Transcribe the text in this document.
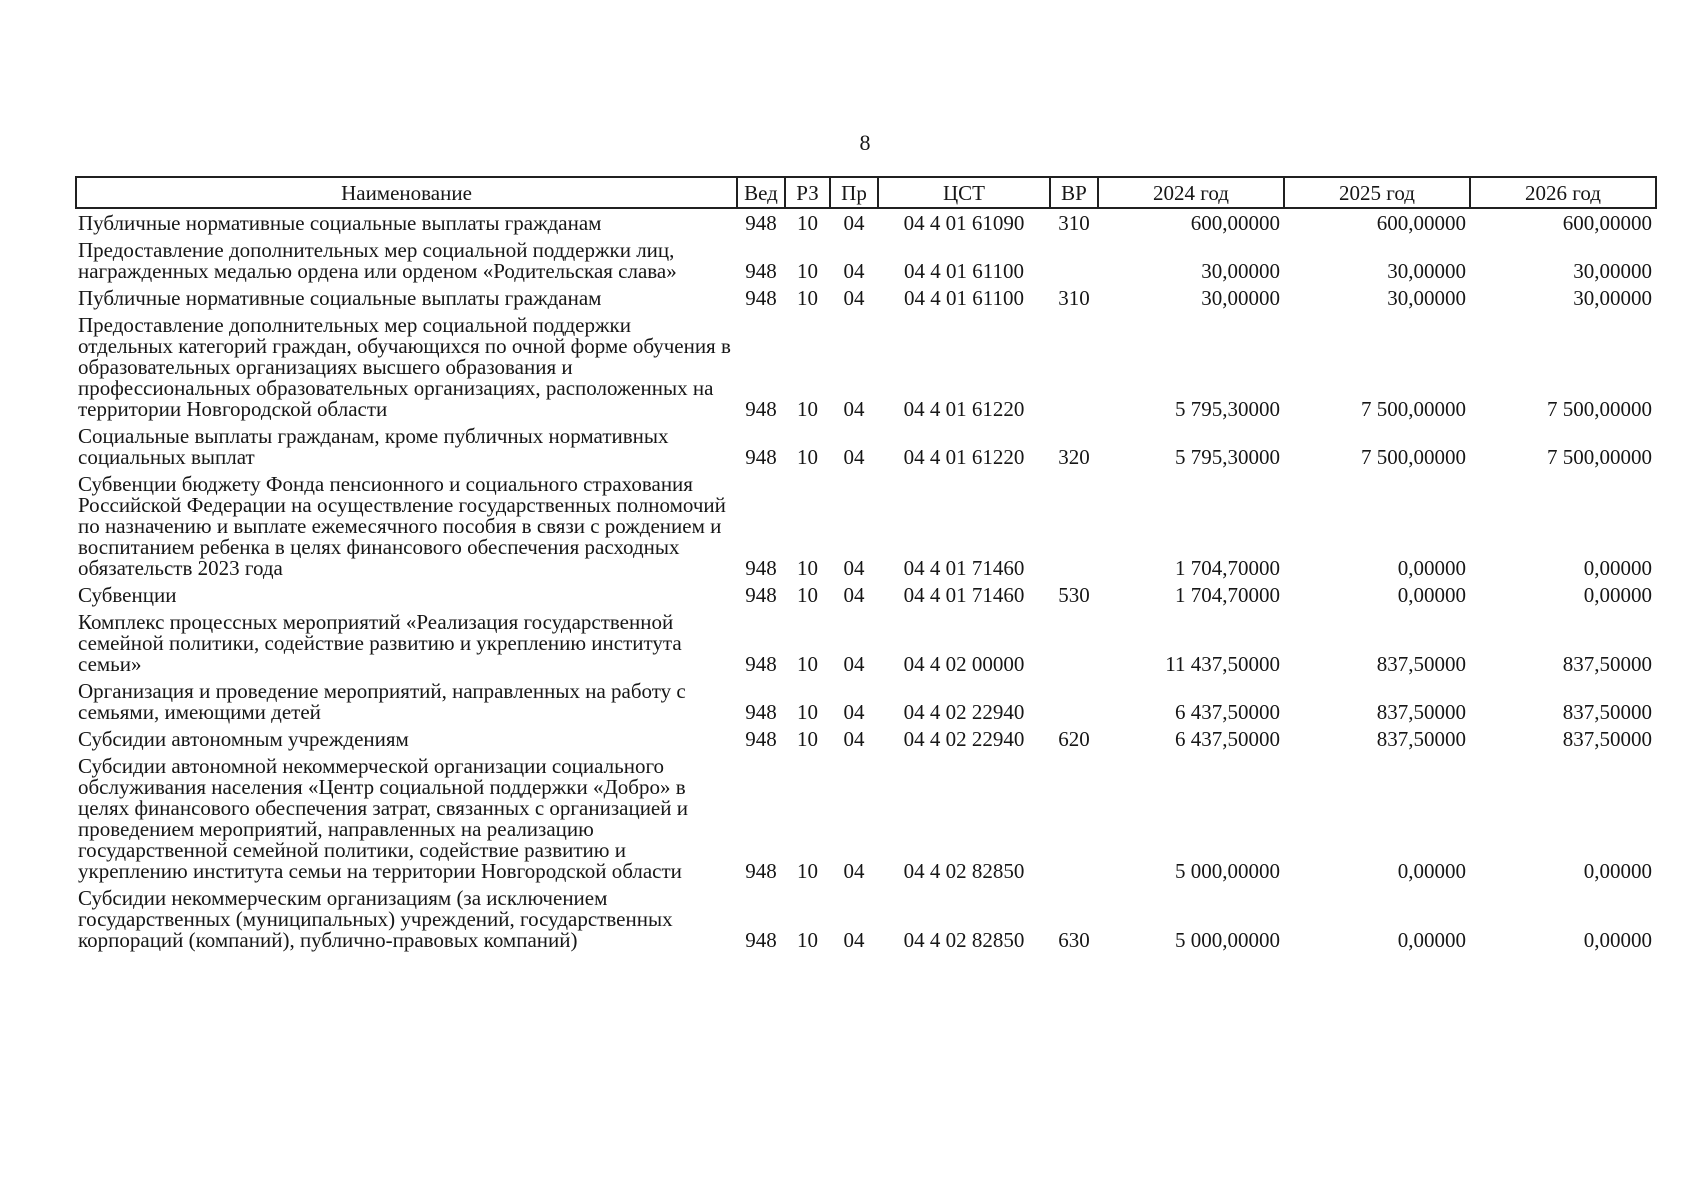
8
Наименование	Вед	РЗ	Пр	ЦСТ	ВР	2024 год	2025 год	2026 год
Публичные нормативные социальные выплаты гражданам	948	10	04	04 4 01 61090	310	600,00000	600,00000	600,00000
Предоставление дополнительных мер социальной поддержки лиц, награжденных медалью ордена или орденом «Родительская слава»	948	10	04	04 4 01 61100		30,00000	30,00000	30,00000
Публичные нормативные социальные выплаты гражданам	948	10	04	04 4 01 61100	310	30,00000	30,00000	30,00000
Предоставление дополнительных мер социальной поддержки отдельных категорий граждан, обучающихся по очной форме обучения в образовательных организациях высшего образования и профессиональных образовательных организациях, расположенных на территории Новгородской области	948	10	04	04 4 01 61220		5 795,30000	7 500,00000	7 500,00000
Социальные выплаты гражданам, кроме публичных нормативных социальных выплат	948	10	04	04 4 01 61220	320	5 795,30000	7 500,00000	7 500,00000
Субвенции бюджету Фонда пенсионного и социального страхования Российской Федерации на осуществление государственных полномочий по назначению и выплате ежемесячного пособия в связи с рождением и воспитанием ребенка в целях финансового обеспечения расходных обязательств 2023 года	948	10	04	04 4 01 71460		1 704,70000	0,00000	0,00000
Субвенции	948	10	04	04 4 01 71460	530	1 704,70000	0,00000	0,00000
Комплекс процессных мероприятий «Реализация государственной семейной политики, содействие развитию и укреплению института семьи»	948	10	04	04 4 02 00000		11 437,50000	837,50000	837,50000
Организация и проведение мероприятий, направленных на работу с семьями, имеющими детей	948	10	04	04 4 02 22940		6 437,50000	837,50000	837,50000
Субсидии автономным учреждениям	948	10	04	04 4 02 22940	620	6 437,50000	837,50000	837,50000
Субсидии автономной некоммерческой организации социального обслуживания населения «Центр социальной поддержки «Добро» в целях финансового обеспечения затрат, связанных с организацией и проведением мероприятий, направленных на реализацию государственной семейной политики, содействие развитию и укреплению института семьи на территории Новгородской области	948	10	04	04 4 02 82850		5 000,00000	0,00000	0,00000
Субсидии некоммерческим организациям (за исключением государственных (муниципальных) учреждений, государственных корпораций (компаний), публично-правовых компаний)	948	10	04	04 4 02 82850	630	5 000,00000	0,00000	0,00000
